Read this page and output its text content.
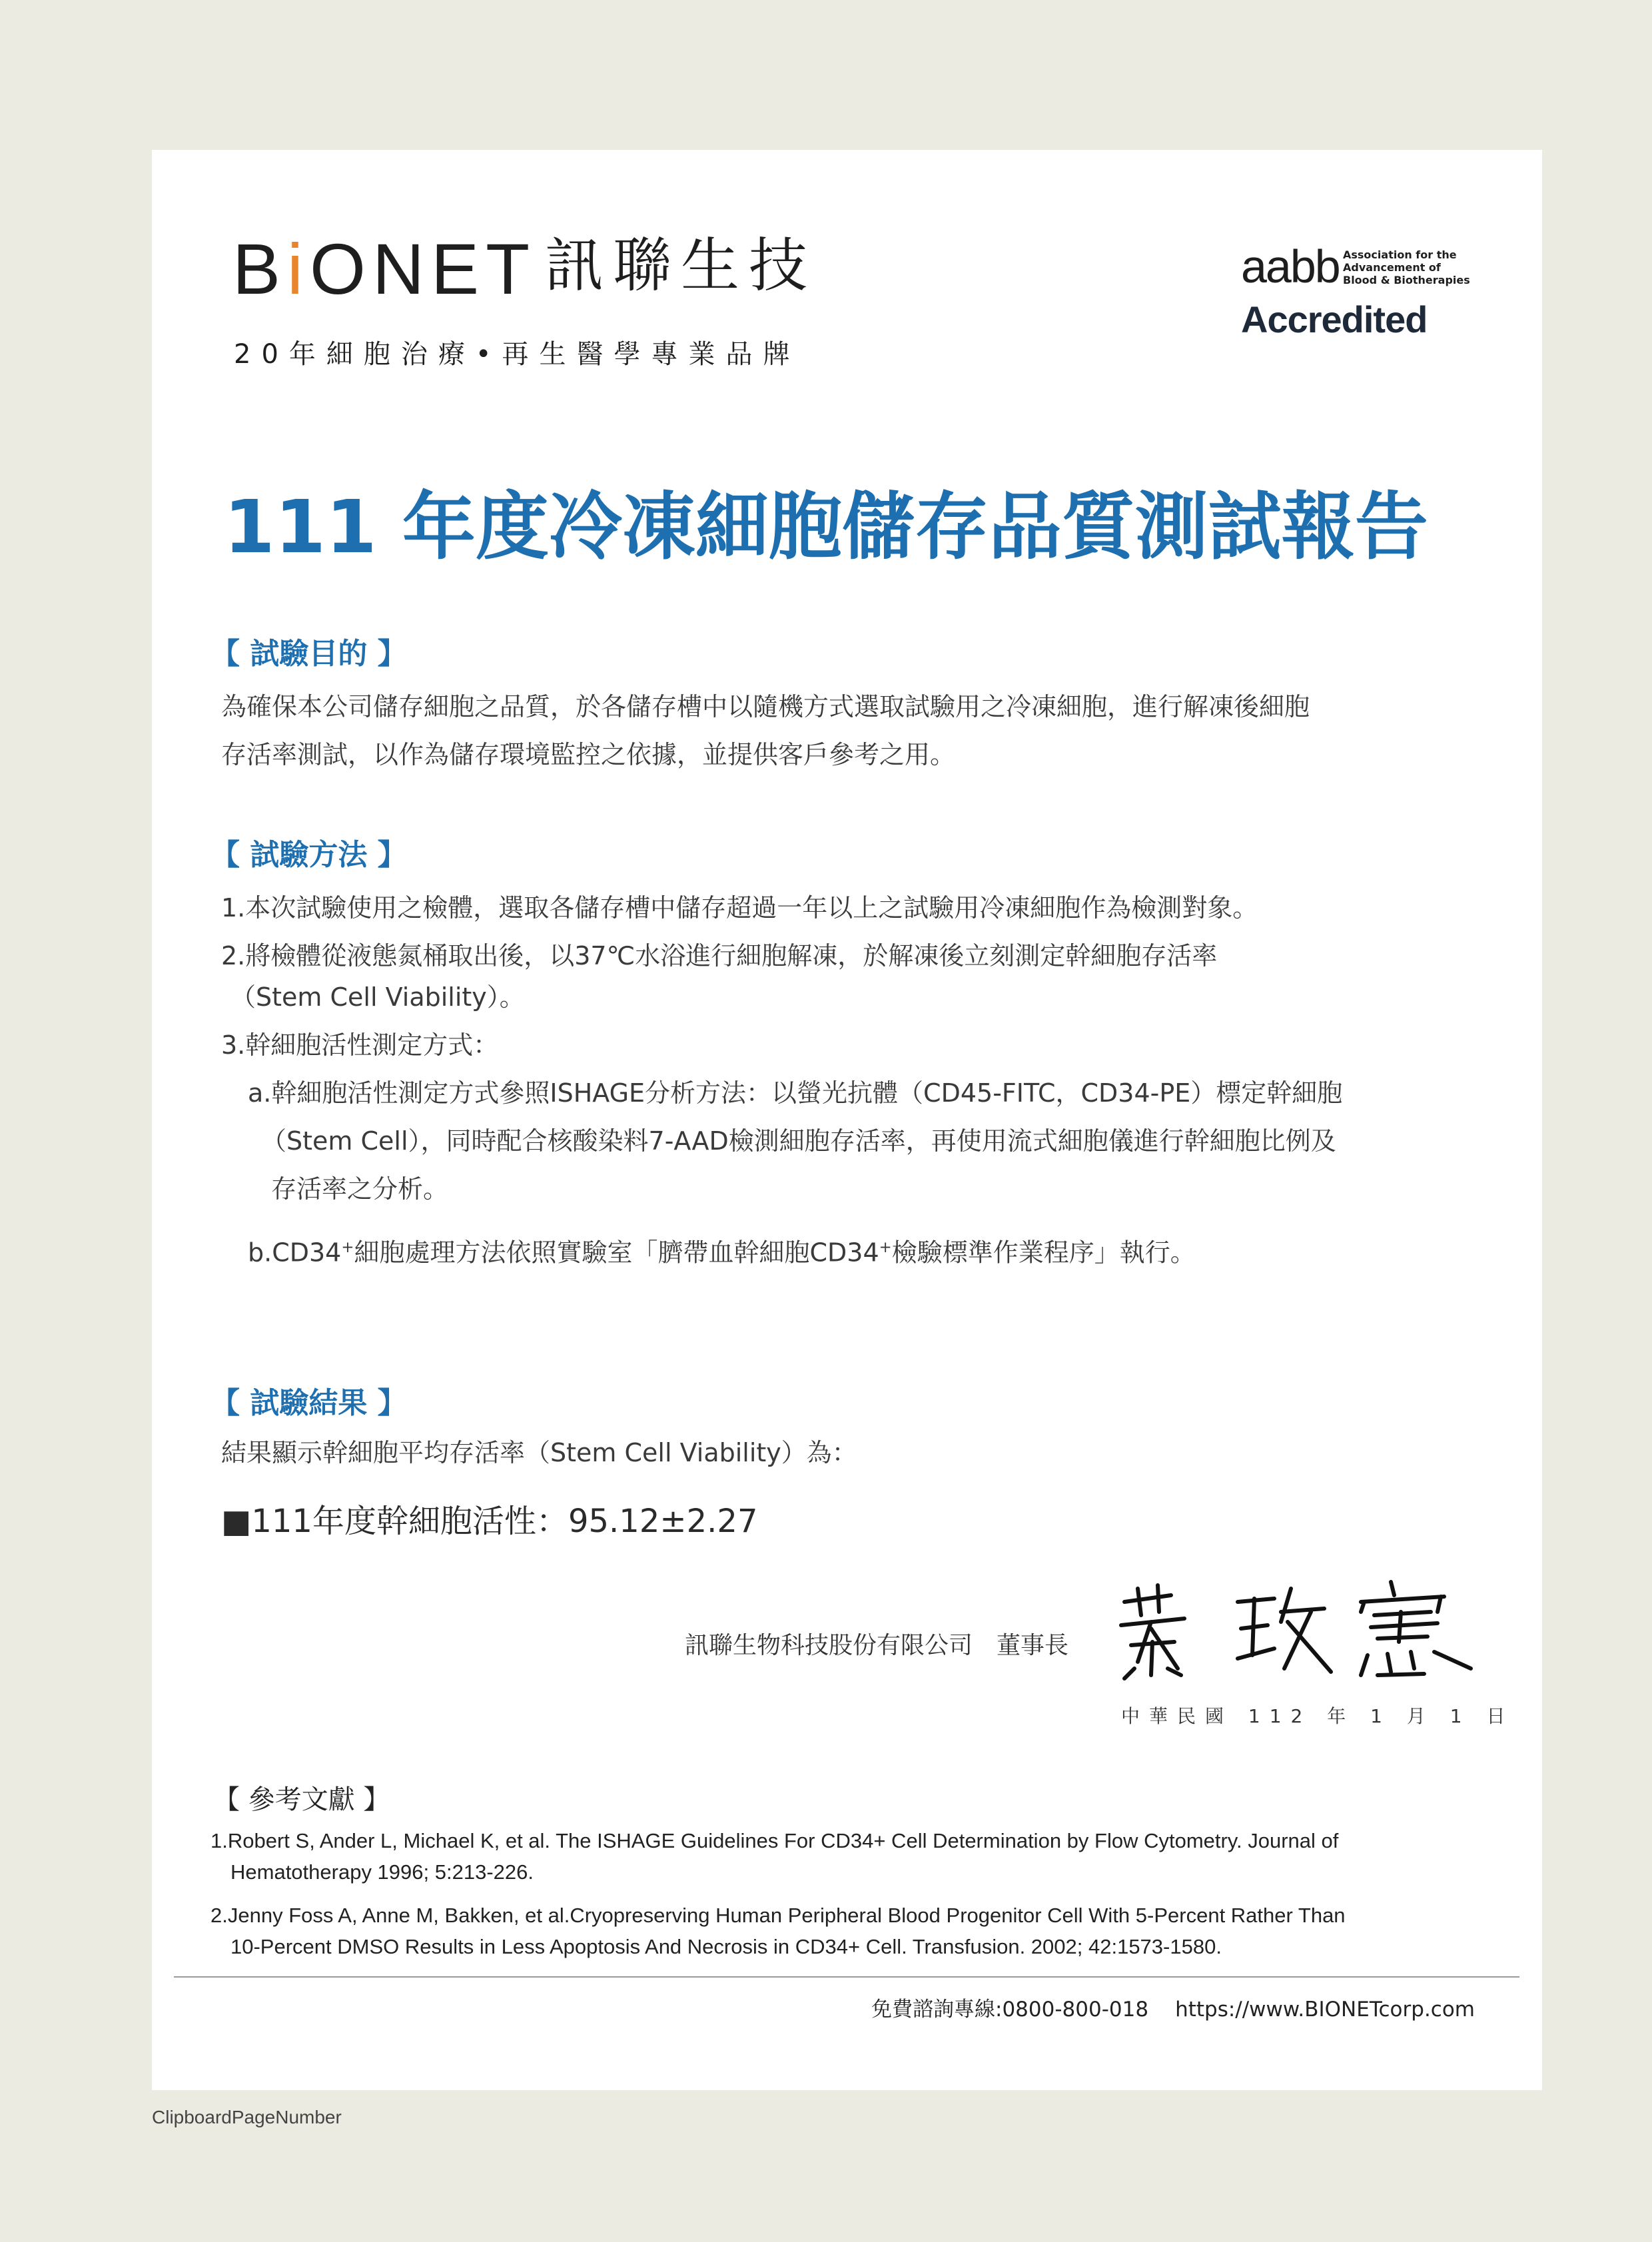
BiONET 訊聯生技
20年細胞治療•再生醫學專業品牌
aabb Association for the
Advancement of
Blood & Biotherapies
Accredited
111 年度冷凍細胞儲存品質測試報告
【 試驗目的 】
為確保本公司儲存細胞之品質，於各儲存槽中以隨機方式選取試驗用之冷凍細胞，進行解凍後細胞
存活率測試，以作為儲存環境監控之依據，並提供客戶參考之用。
【 試驗方法 】
1.本次試驗使用之檢體，選取各儲存槽中儲存超過一年以上之試驗用冷凍細胞作為檢測對象。
2.將檢體從液態氮桶取出後，以37℃水浴進行細胞解凍，於解凍後立刻測定幹細胞存活率
（Stem Cell Viability）。
3.幹細胞活性測定方式：
a.幹細胞活性測定方式參照ISHAGE分析方法：以螢光抗體（CD45-FITC，CD34-PE）標定幹細胞
（Stem Cell），同時配合核酸染料7-AAD檢測細胞存活率，再使用流式細胞儀進行幹細胞比例及
存活率之分析。
b.CD34+細胞處理方法依照實驗室「臍帶血幹細胞CD34+檢驗標準作業程序」執行。
【 試驗結果 】
結果顯示幹細胞平均存活率（Stem Cell Viability）為：
■111年度幹細胞活性：95.12±2.27
訊聯生物科技股份有限公司　董事長
中華民國 112 年 1 月 1 日
【 參考文獻 】
1.Robert S, Ander L, Michael K, et al. The ISHAGE Guidelines For CD34+ Cell Determination by Flow Cytometry. Journal of
Hematotherapy 1996; 5:213-226.
2.Jenny Foss A, Anne M, Bakken, et al.Cryopreserving Human Peripheral Blood Progenitor Cell With 5-Percent Rather Than
10-Percent DMSO Results in Less Apoptosis And Necrosis in CD34+ Cell. Transfusion. 2002; 42:1573-1580.
免費諮詢專線:0800-800-018 https://www.BIONETcorp.com
ClipboardPageNumber
